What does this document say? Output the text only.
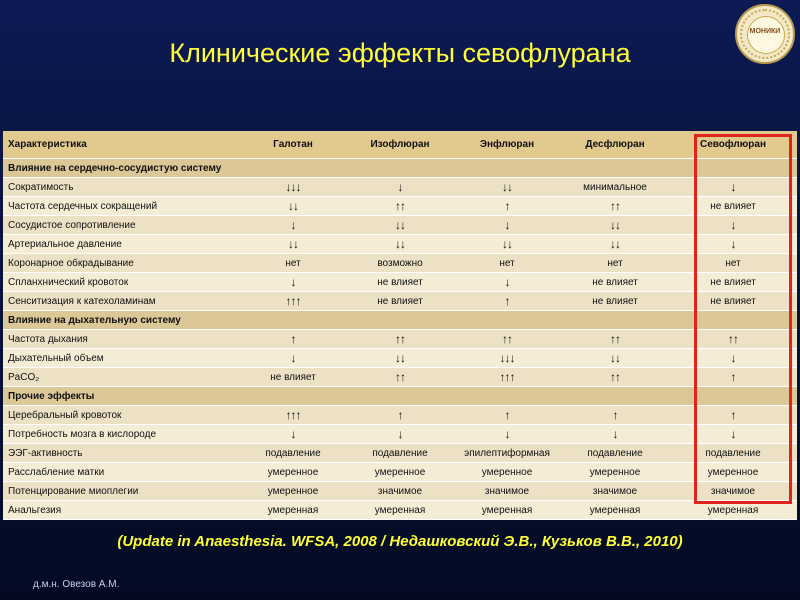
Клинические эффекты севофлурана
МОНИКИ
Характеристика	Галотан	Изофлюран	Энфлюран	Десфлюран	Севофлюран
Влияние на сердечно-сосудистую систему					
Сократимость	↓↓↓	↓	↓↓	минимальное	↓
Частота сердечных сокращений	↓↓	↑↑	↑	↑↑	не влияет
Сосудистое сопротивление	↓	↓↓	↓	↓↓	↓
Артериальное давление	↓↓	↓↓	↓↓	↓↓	↓
Коронарное обкрадывание	нет	возможно	нет	нет	нет
Спланхнический кровоток	↓	не влияет	↓	не влияет	не влияет
Сенситизация к катехоламинам	↑↑↑	не влияет	↑	не влияет	не влияет
Влияние на дыхательную систему					
Частота дыхания	↑	↑↑	↑↑	↑↑	↑↑
Дыхательный объем	↓	↓↓	↓↓↓	↓↓	↓
PaCO₂	не влияет	↑↑	↑↑↑	↑↑	↑
Прочие эффекты					
Церебральный кровоток	↑↑↑	↑	↑	↑	↑
Потребность мозга в кислороде	↓	↓	↓	↓	↓
ЭЭГ-активность	подавление	подавление	эпилептиформная	подавление	подавление
Расслабление матки	умеренное	умеренное	умеренное	умеренное	умеренное
Потенцирование миоплегии	умеренное	значимое	значимое	значимое	значимое
Анальгезия	умеренная	умеренная	умеренная	умеренная	умеренная
(Update in Anaesthesia. WFSA, 2008 / Недашковский Э.В., Кузьков В.В., 2010)
д.м.н. Овезов А.М.
